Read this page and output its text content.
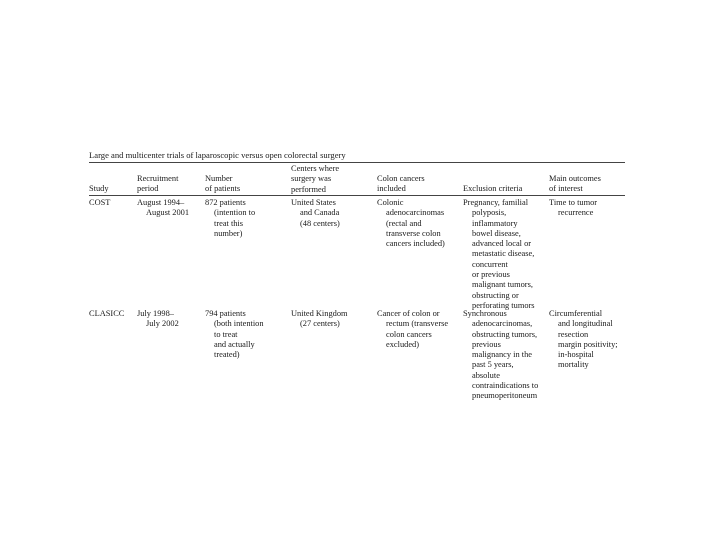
Large and multicenter trials of laparoscopic versus open colorectal surgery
Study
Recruitment
period
Number
of patients
Centers where
surgery was
performed
Colon cancers
included	Exclusion criteria
Main outcomes
of interest
COST	August 1994–
August 2001
872 patients
(intention to
treat this
number)
United States
and Canada
(48 centers)
Colonic
adenocarcinomas
(rectal and
transverse colon
cancers included)
Pregnancy, familial
polyposis,
inflammatory
bowel disease,
advanced local or
metastatic disease,
concurrent
or previous
malignant tumors,
obstructing or
perforating tumors
Time to tumor
recurrence
CLASICC July 1998–
July 2002
794 patients
(both intention
to treat
and actually
treated)
United Kingdom
(27 centers)
Cancer of colon or
rectum (transverse
colon cancers
excluded)
Synchronous
adenocarcinomas,
obstructing tumors,
previous
malignancy in the
past 5 years,
absolute
contraindications to
pneumoperitoneum
Circumferential
and longitudinal
resection
margin positivity;
in-hospital
mortality
